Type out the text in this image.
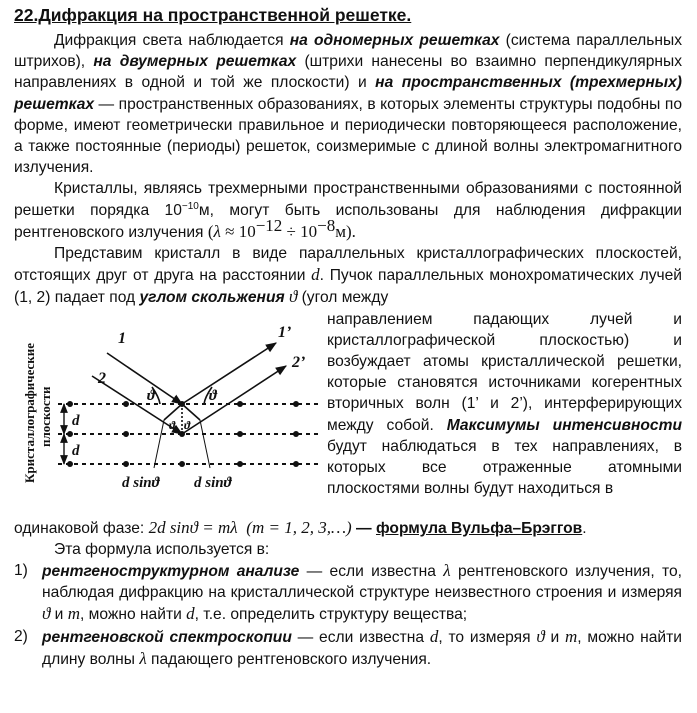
22.Дифракция на пространственной решетке.

Дифракция света наблюдается на одномерных решетках (система параллельных штрихов), на двумерных решетках (штрихи нанесены во взаимно перпендикулярных направлениях в одной и той же плоскости) и на пространственных (трехмерных) решетках — пространственных образованиях, в которых элементы структуры подобны по форме, имеют геометрически правильное и периодически повторяющееся расположение, а также постоянные (периоды) решеток, соизмеримые с длиной волны электромагнитного излучения.

Кристаллы, являясь трехмерными пространственными образованиями с постоянной решетки порядка $10^{-10}м$, могут быть использованы для наблюдения дифракции рентгеновского излучения $(\lambda \approx 10^{-12} \div 10^{-8}м)$.

Представим кристалл в виде параллельных кристаллографических плоскостей, отстоящих друг от друга на расстоянии d. Пучок параллельных монохроматических лучей (1, 2) падает под углом скольжения ϑ (угол между

Кристаллографические плоскости d
d
1
2
1’
2’
ϑ	ϑ
ϑ ϑ
d sinϑ d sinϑ
направлением падающих лучей и кристаллографической плоскостью) и возбуждает атомы кристаллической решетки, которые становятся источниками когерентных вторичных волн (1’ и 2’), интерферирующих между собой. Максимумы интенсивности будут наблюдаться в тех направлениях, в которых все отраженные атомными плоскостями волны будут находиться в

одинаковой фазе: 2d sinϑ = mλ (m = 1, 2, 3,…) — формула Вульфа–Брэггов.

Эта формула используется в:

1) рентгеноструктурном анализе — если известна λ рентгеновского излучения, то, наблюдая дифракцию на кристаллической структуре неизвестного строения и измеряя ϑ и m, можно найти d, т.е. определить структуру вещества;
2) рентгеновской спектроскопии — если известна d, то измеряя ϑ и m, можно найти длину волны λ падающего рентгеновского излучения.
